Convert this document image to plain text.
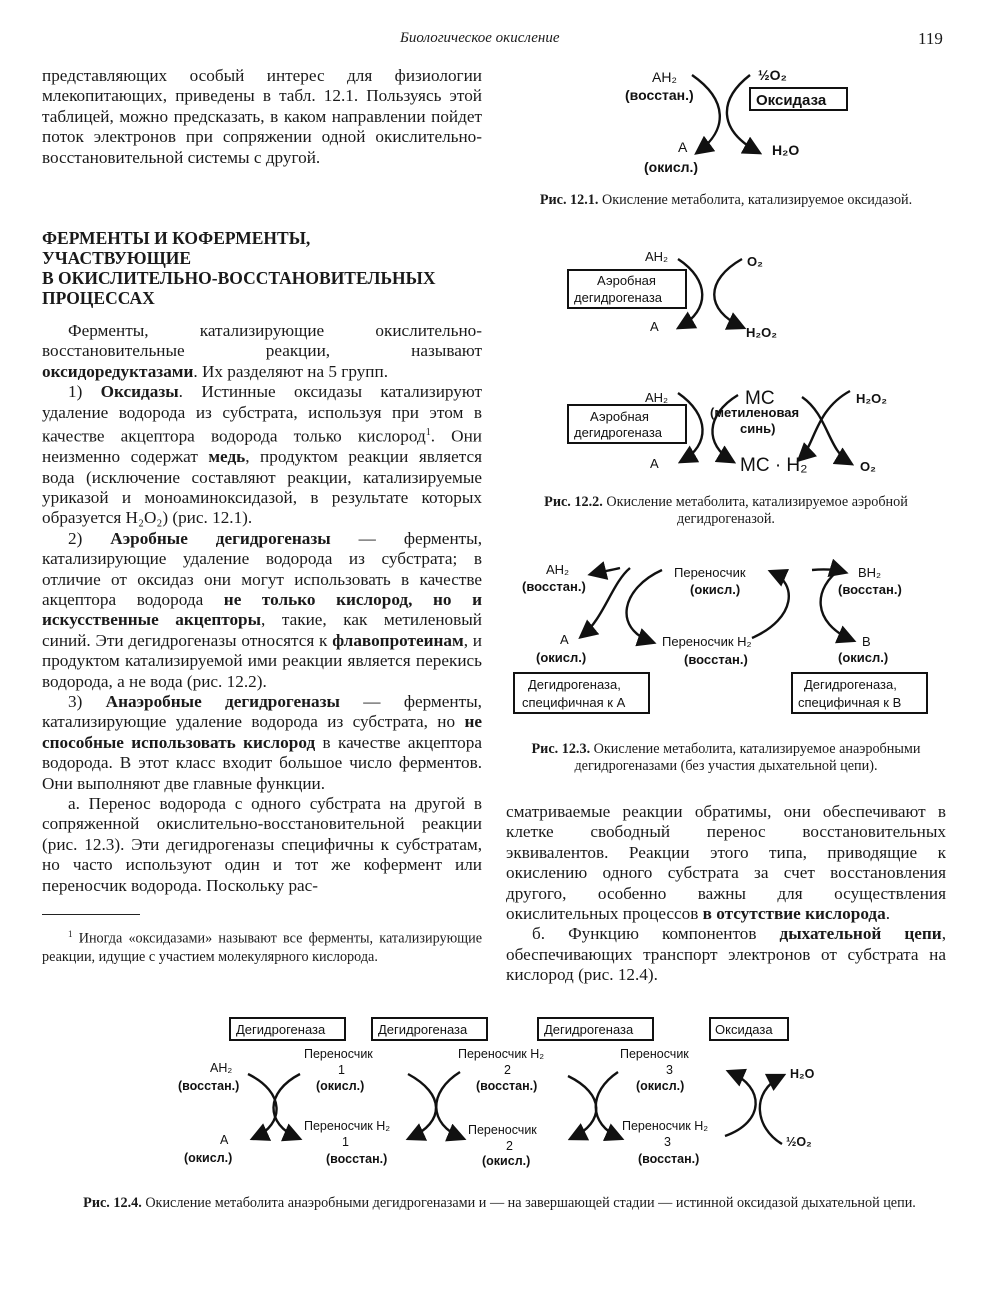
Биологическое окисление	119

представляющих особый интерес для физиологии млекопитающих, приведены в табл. 12.1. Пользуясь этой таблицей, можно предсказать, в каком направлении пойдет поток электронов при сопряжении одной окислительно-восстановительной системы с другой.

ФЕРМЕНТЫ И КОФЕРМЕНТЫ,
УЧАСТВУЮЩИЕ
В ОКИСЛИТЕЛЬНО-ВОССТАНОВИТЕЛЬНЫХ
ПРОЦЕССАХ

Ферменты, катализирующие окислительно-восстановительные реакции, называют оксидоредуктазами. Их разделяют на 5 групп.

1) Оксидазы. Истинные оксидазы катализируют удаление водорода из субстрата, используя при этом в качестве акцептора водорода только кислород$^1$. Они неизменно содержат медь, продуктом реакции является вода (исключение составляют реакции, катализируемые уриказой и моноаминоксидазой, в результате которых образуется H₂O₂) (рис. 12.1).

2) Аэробные дегидрогеназы — ферменты, катализирующие удаление водорода из субстрата; в отличие от оксидаз они могут использовать в качестве акцептора водорода не только кислород, но и искусственные акцепторы, такие, как метиленовый синий. Эти дегидрогеназы относятся к флавопротеинам, и продуктом катализируемой ими реакции является перекись водорода, а не вода (рис. 12.2).

3) Анаэробные дегидрогеназы — ферменты, катализирующие удаление водорода из субстрата, но не способные использовать кислород в качестве акцептора водорода. В этот класс входит большое число ферментов. Они выполняют две главные функции.

а. Перенос водорода с одного субстрата на другой в сопряженной окислительно-восстановительной реакции (рис. 12.3). Эти дегидрогеназы специфичны к субстратам, но часто используют один и тот же кофермент или переносчик водорода. Поскольку рас-

$^1$ Иногда «оксидазами» называют все ферменты, катализирующие реакции, идущие с участием молекулярного кислорода.

сматриваемые реакции обратимы, они обеспечивают в клетке свободный перенос восстановительных эквивалентов. Реакции этого типа, приводящие к окислению одного субстрата за счет восстановления другого, особенно важны для осуществления окислительных процессов в отсутствие кислорода.

б. Функцию компонентов дыхательной цепи, обеспечивающих транспорт электронов от субстрата на кислород (рис. 12.4).

AH₂
(восстан.)
½O₂
Оксидаза
A
(окисл.)
H₂O
Рис. 12.1. Окисление метаболита, катализируемое оксидазой.
AH₂	O₂
Аэробная
дегидрогеназа
A	H₂O₂
AH₂	MC	H₂O₂
Аэробная
дегидрогеназа
(метиленовая
синь)
A	MC · H₂	O₂
Рис. 12.2. Окисление метаболита, катализируемое аэробной дегидрогеназой.
AH₂
(восстан.)
Переносчик
(окисл.)
BH₂
(восстан.)
A
(окисл.)
Переносчик H₂
(восстан.)
B
(окисл.)
Дегидрогеназа,
специфичная к A
Дегидрогеназа,
специфичная к B
Рис. 12.3. Окисление метаболита, катализируемое анаэробными дегидрогеназами (без участия дыхательной цепи).
Дегидрогеназа	Дегидрогеназа	Дегидрогеназа	Оксидаза
AH₂
(восстан.)
A
(окисл.)
Переносчик
1
(окисл.)
Переносчик H₂
1
(восстан.)
Переносчик H₂
2
(восстан.)
Переносчик
2
(окисл.)
Переносчик
3
(окисл.)
Переносчик H₂
3
(восстан.)
H₂O
½O₂
Рис. 12.4. Окисление метаболита анаэробными дегидрогеназами и — на завершающей стадии — истинной оксидазой дыхательной цепи.
